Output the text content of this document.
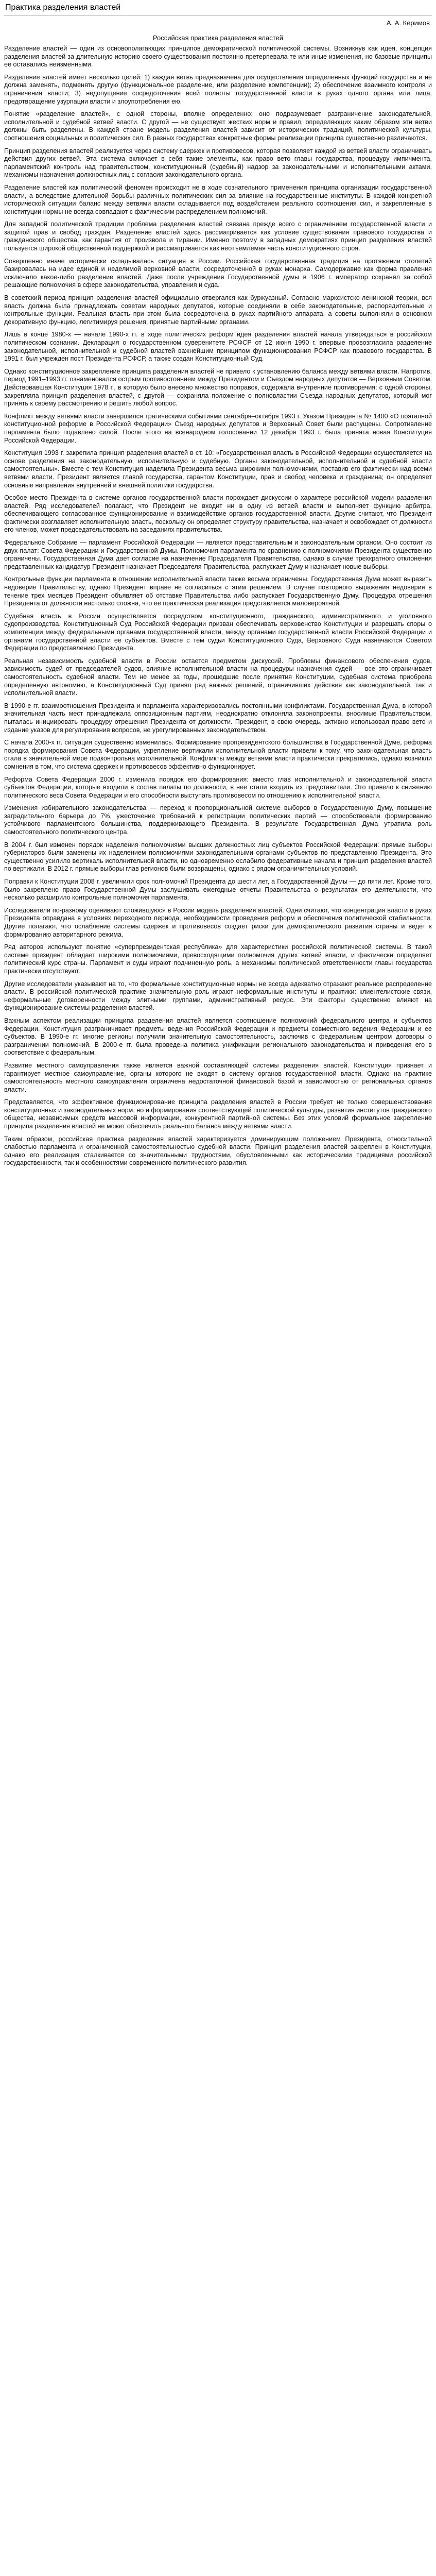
Практика разделения властей
А. А. Керимов
Российская практика разделения властей

Разделение властей — один из основополагающих принципов демократической политической системы. Возникнув как идея, концепция разделения властей за длительную историю своего существования постоянно претерпевала те или иные изменения, но базовые принципы ее оставались неизменными.

Разделение властей имеет несколько целей: 1) каждая ветвь предназначена для осуществления определенных функций государства и не должна заменять, подменять другую (функциональное разделение, или разделение компетенции); 2) обеспечение взаимного контроля и ограничения власти; 3) недопущение сосредоточения всей полноты государственной власти в руках одного органа или лица, предотвращение узурпации власти и злоупотребления ею.

Понятие «разделение властей», с одной стороны, вполне определенно: оно подразумевает разграничение законодательной, исполнительной и судебной ветвей власти. С другой — не существует жестких норм и правил, определяющих каким образом эти ветви должны быть разделены. В каждой стране модель разделения властей зависит от исторических традиций, политической культуры, соотношения социальных и политических сил. В разных государствах конкретные формы реализации принципа существенно различаются.

Принцип разделения властей реализуется через систему сдержек и противовесов, которая позволяет каждой из ветвей власти ограничивать действия других ветвей. Эта система включает в себя такие элементы, как право вето главы государства, процедуру импичмента, парламентский контроль над правительством, конституционный (судебный) надзор за законодательными и исполнительными актами, механизмы назначения должностных лиц с согласия законодательного органа.

Разделение властей как политический феномен происходит не в ходе сознательного применения принципа организации государственной власти, а вследствие длительной борьбы различных политических сил за влияние на государственные институты. В каждой конкретной исторической ситуации баланс между ветвями власти складывается под воздействием реального соотношения сил, и закрепленные в конституции нормы не всегда совпадают с фактическим распределением полномочий.

Для западной политической традиции проблема разделения властей связана прежде всего с ограничением государственной власти и защитой прав и свобод граждан. Разделение властей здесь рассматривается как условие существования правового государства и гражданского общества, как гарантия от произвола и тирании. Именно поэтому в западных демократиях принцип разделения властей пользуется широкой общественной поддержкой и рассматривается как неотъемлемая часть конституционного строя.

Совершенно иначе исторически складывалась ситуация в России. Российская государственная традиция на протяжении столетий базировалась на идее единой и неделимой верховной власти, сосредоточенной в руках монарха. Самодержавие как форма правления исключало какое-либо разделение властей. Даже после учреждения Государственной думы в 1906 г. император сохранял за собой решающие полномочия в сфере законодательства, управления и суда.

В советский период принцип разделения властей официально отвергался как буржуазный. Согласно марксистско-ленинской теории, вся власть должна была принадлежать советам народных депутатов, которые соединяли в себе законодательные, распорядительные и контрольные функции. Реальная власть при этом была сосредоточена в руках партийного аппарата, а советы выполняли в основном декоративную функцию, легитимируя решения, принятые партийными органами.

Лишь в конце 1980-х — начале 1990-х гг. в ходе политических реформ идея разделения властей начала утверждаться в российском политическом сознании. Декларация о государственном суверенитете РСФСР от 12 июня 1990 г. впервые провозгласила разделение законодательной, исполнительной и судебной властей важнейшим принципом функционирования РСФСР как правового государства. В 1991 г. был учрежден пост Президента РСФСР, а также создан Конституционный Суд.

Однако конституционное закрепление принципа разделения властей не привело к установлению баланса между ветвями власти. Напротив, период 1991–1993 гг. ознаменовался острым противостоянием между Президентом и Съездом народных депутатов — Верховным Советом. Действовавшая Конституция 1978 г., в которую было внесено множество поправок, содержала внутренние противоречия: с одной стороны, закрепляла принцип разделения властей, с другой — сохраняла положение о полновластии Съезда народных депутатов, который мог принять к своему рассмотрению и решить любой вопрос.

Конфликт между ветвями власти завершился трагическими событиями сентября–октября 1993 г. Указом Президента № 1400 «О поэтапной конституционной реформе в Российской Федерации» Съезд народных депутатов и Верховный Совет были распущены. Сопротивление парламента было подавлено силой. После этого на всенародном голосовании 12 декабря 1993 г. была принята новая Конституция Российской Федерации.

Конституция 1993 г. закрепила принцип разделения властей в ст. 10: «Государственная власть в Российской Федерации осуществляется на основе разделения на законодательную, исполнительную и судебную. Органы законодательной, исполнительной и судебной власти самостоятельны». Вместе с тем Конституция наделила Президента весьма широкими полномочиями, поставив его фактически над всеми ветвями власти. Президент является главой государства, гарантом Конституции, прав и свобод человека и гражданина; он определяет основные направления внутренней и внешней политики государства.

Особое место Президента в системе органов государственной власти порождает дискуссии о характере российской модели разделения властей. Ряд исследователей полагают, что Президент не входит ни в одну из ветвей власти и выполняет функцию арбитра, обеспечивающего согласованное функционирование и взаимодействие органов государственной власти. Другие считают, что Президент фактически возглавляет исполнительную власть, поскольку он определяет структуру правительства, назначает и освобождает от должности его членов, может председательствовать на заседаниях правительства.

Федеральное Собрание — парламент Российской Федерации — является представительным и законодательным органом. Оно состоит из двух палат: Совета Федерации и Государственной Думы. Полномочия парламента по сравнению с полномочиями Президента существенно ограничены. Государственная Дума дает согласие на назначение Председателя Правительства, однако в случае трехкратного отклонения представленных кандидатур Президент назначает Председателя Правительства, распускает Думу и назначает новые выборы.

Контрольные функции парламента в отношении исполнительной власти также весьма ограничены. Государственная Дума может выразить недоверие Правительству, однако Президент вправе не согласиться с этим решением. В случае повторного выражения недоверия в течение трех месяцев Президент объявляет об отставке Правительства либо распускает Государственную Думу. Процедура отрешения Президента от должности настолько сложна, что ее практическая реализация представляется маловероятной.

Судебная власть в России осуществляется посредством конституционного, гражданского, административного и уголовного судопроизводства. Конституционный Суд Российской Федерации призван обеспечивать верховенство Конституции и разрешать споры о компетенции между федеральными органами государственной власти, между органами государственной власти Российской Федерации и органами государственной власти ее субъектов. Вместе с тем судьи Конституционного Суда, Верховного Суда назначаются Советом Федерации по представлению Президента.

Реальная независимость судебной власти в России остается предметом дискуссий. Проблемы финансового обеспечения судов, зависимость судей от председателей судов, влияние исполнительной власти на процедуры назначения судей — все это ограничивает самостоятельность судебной власти. Тем не менее за годы, прошедшие после принятия Конституции, судебная система приобрела определенную автономию, а Конституционный Суд принял ряд важных решений, ограничивших действия как законодательной, так и исполнительной власти.

В 1990-е гг. взаимоотношения Президента и парламента характеризовались постоянными конфликтами. Государственная Дума, в которой значительная часть мест принадлежала оппозиционным партиям, неоднократно отклоняла законопроекты, вносимые Правительством, пыталась инициировать процедуру отрешения Президента от должности. Президент, в свою очередь, активно использовал право вето и издание указов для регулирования вопросов, не урегулированных законодательством.

С начала 2000-х гг. ситуация существенно изменилась. Формирование пропрезидентского большинства в Государственной Думе, реформа порядка формирования Совета Федерации, укрепление вертикали исполнительной власти привели к тому, что законодательная власть стала в значительной мере подконтрольна исполнительной. Конфликты между ветвями власти практически прекратились, однако возникли сомнения в том, что система сдержек и противовесов эффективно функционирует.

Реформа Совета Федерации 2000 г. изменила порядок его формирования: вместо глав исполнительной и законодательной власти субъектов Федерации, которые входили в состав палаты по должности, в нее стали входить их представители. Это привело к снижению политического веса Совета Федерации и его способности выступать противовесом по отношению к исполнительной власти.

Изменения избирательного законодательства — переход к пропорциональной системе выборов в Государственную Думу, повышение заградительного барьера до 7%, ужесточение требований к регистрации политических партий — способствовали формированию устойчивого парламентского большинства, поддерживающего Президента. В результате Государственная Дума утратила роль самостоятельного политического центра.

В 2004 г. был изменен порядок наделения полномочиями высших должностных лиц субъектов Российской Федерации: прямые выборы губернаторов были заменены их наделением полномочиями законодательными органами субъектов по представлению Президента. Это существенно усилило вертикаль исполнительной власти, но одновременно ослабило федеративные начала и принцип разделения властей по вертикали. В 2012 г. прямые выборы глав регионов были возвращены, однако с рядом ограничительных условий.

Поправки к Конституции 2008 г. увеличили срок полномочий Президента до шести лет, а Государственной Думы — до пяти лет. Кроме того, было закреплено право Государственной Думы заслушивать ежегодные отчеты Правительства о результатах его деятельности, что несколько расширило контрольные полномочия парламента.

Исследователи по-разному оценивают сложившуюся в России модель разделения властей. Одни считают, что концентрация власти в руках Президента оправдана в условиях переходного периода, необходимости проведения реформ и обеспечения политической стабильности. Другие полагают, что ослабление системы сдержек и противовесов создает риски для демократического развития страны и ведет к формированию авторитарного режима.

Ряд авторов используют понятие «суперпрезидентская республика» для характеристики российской политической системы. В такой системе президент обладает широкими полномочиями, превосходящими полномочия других ветвей власти, и фактически определяет политический курс страны. Парламент и суды играют подчиненную роль, а механизмы политической ответственности главы государства практически отсутствуют.

Другие исследователи указывают на то, что формальные конституционные нормы не всегда адекватно отражают реальное распределение власти. В российской политической практике значительную роль играют неформальные институты и практики: клиентелистские связи, неформальные договоренности между элитными группами, административный ресурс. Эти факторы существенно влияют на функционирование системы разделения властей.

Важным аспектом реализации принципа разделения властей является соотношение полномочий федерального центра и субъектов Федерации. Конституция разграничивает предметы ведения Российской Федерации и предметы совместного ведения Федерации и ее субъектов. В 1990-е гг. многие регионы получили значительную самостоятельность, заключив с федеральным центром договоры о разграничении полномочий. В 2000-е гг. была проведена политика унификации регионального законодательства и приведения его в соответствие с федеральным.

Развитие местного самоуправления также является важной составляющей системы разделения властей. Конституция признает и гарантирует местное самоуправление, органы которого не входят в систему органов государственной власти. Однако на практике самостоятельность местного самоуправления ограничена недостаточной финансовой базой и зависимостью от региональных органов власти.

Представляется, что эффективное функционирование принципа разделения властей в России требует не только совершенствования конституционных и законодательных норм, но и формирования соответствующей политической культуры, развития институтов гражданского общества, независимых средств массовой информации, конкурентной партийной системы. Без этих условий формальное закрепление принципа разделения властей не может обеспечить реального баланса между ветвями власти.

Таким образом, российская практика разделения властей характеризуется доминирующим положением Президента, относительной слабостью парламента и ограниченной самостоятельностью судебной власти. Принцип разделения властей закреплен в Конституции, однако его реализация сталкивается со значительными трудностями, обусловленными как историческими традициями российской государственности, так и особенностями современного политического развития.
